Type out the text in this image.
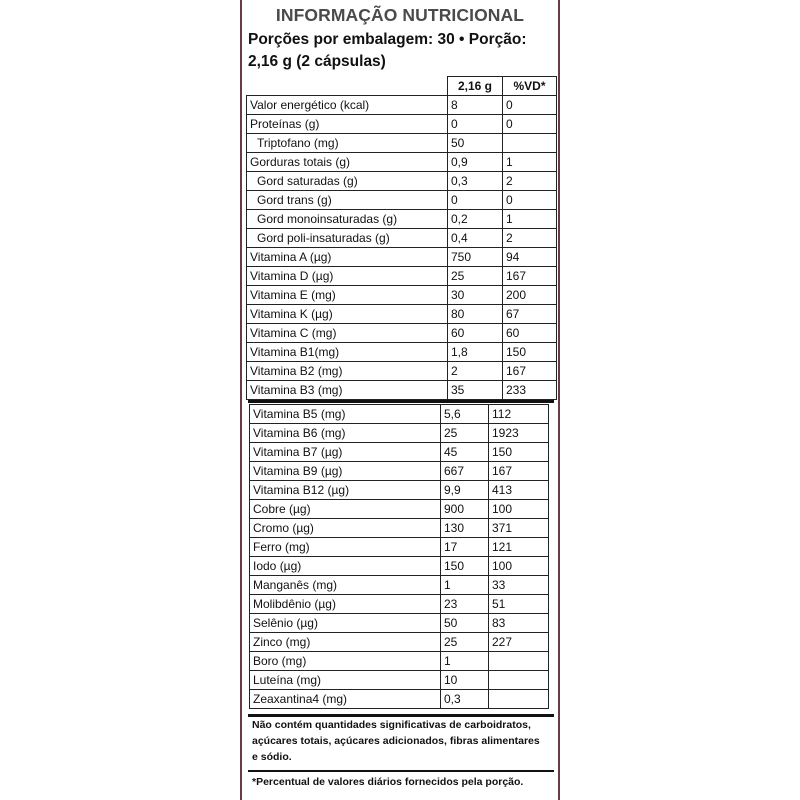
INFORMAÇÃO NUTRICIONAL
Porções por embalagem: 30 • Porção:
2,16 g (2 cápsulas)
Não contém quantidades significativas de carboidratos,
açúcares totais, açúcares adicionados, fibras alimentares
e sódio.
*Percentual de valores diários fornecidos pela porção.
	2,16 g	%VD*
Valor energético (kcal)	8	0
Proteínas (g)	0	0
Triptofano (mg)	50	
Gorduras totais (g)	0,9	1
Gord saturadas (g)	0,3	2
Gord trans (g)	0	0
Gord monoinsaturadas (g)	0,2	1
Gord poli-insaturadas (g)	0,4	2
Vitamina A (µg)	750	94
Vitamina D (µg)	25	167
Vitamina E (mg)	30	200
Vitamina K (µg)	80	67
Vitamina C (mg)	60	60
Vitamina B1(mg)	1,8	150
Vitamina B2 (mg)	2	167
Vitamina B3 (mg)	35	233
Vitamina B5 (mg)	5,6	112
Vitamina B6 (mg)	25	1923
Vitamina B7 (µg)	45	150
Vitamina B9 (µg)	667	167
Vitamina B12 (µg)	9,9	413
Cobre (µg)	900	100
Cromo (µg)	130	371
Ferro (mg)	17	121
Iodo (µg)	150	100
Manganês (mg)	1	33
Molibdênio (µg)	23	51
Selênio (µg)	50	83
Zinco (mg)	25	227
Boro (mg)	1	
Luteína (mg)	10	
Zeaxantina4 (mg)	0,3	
